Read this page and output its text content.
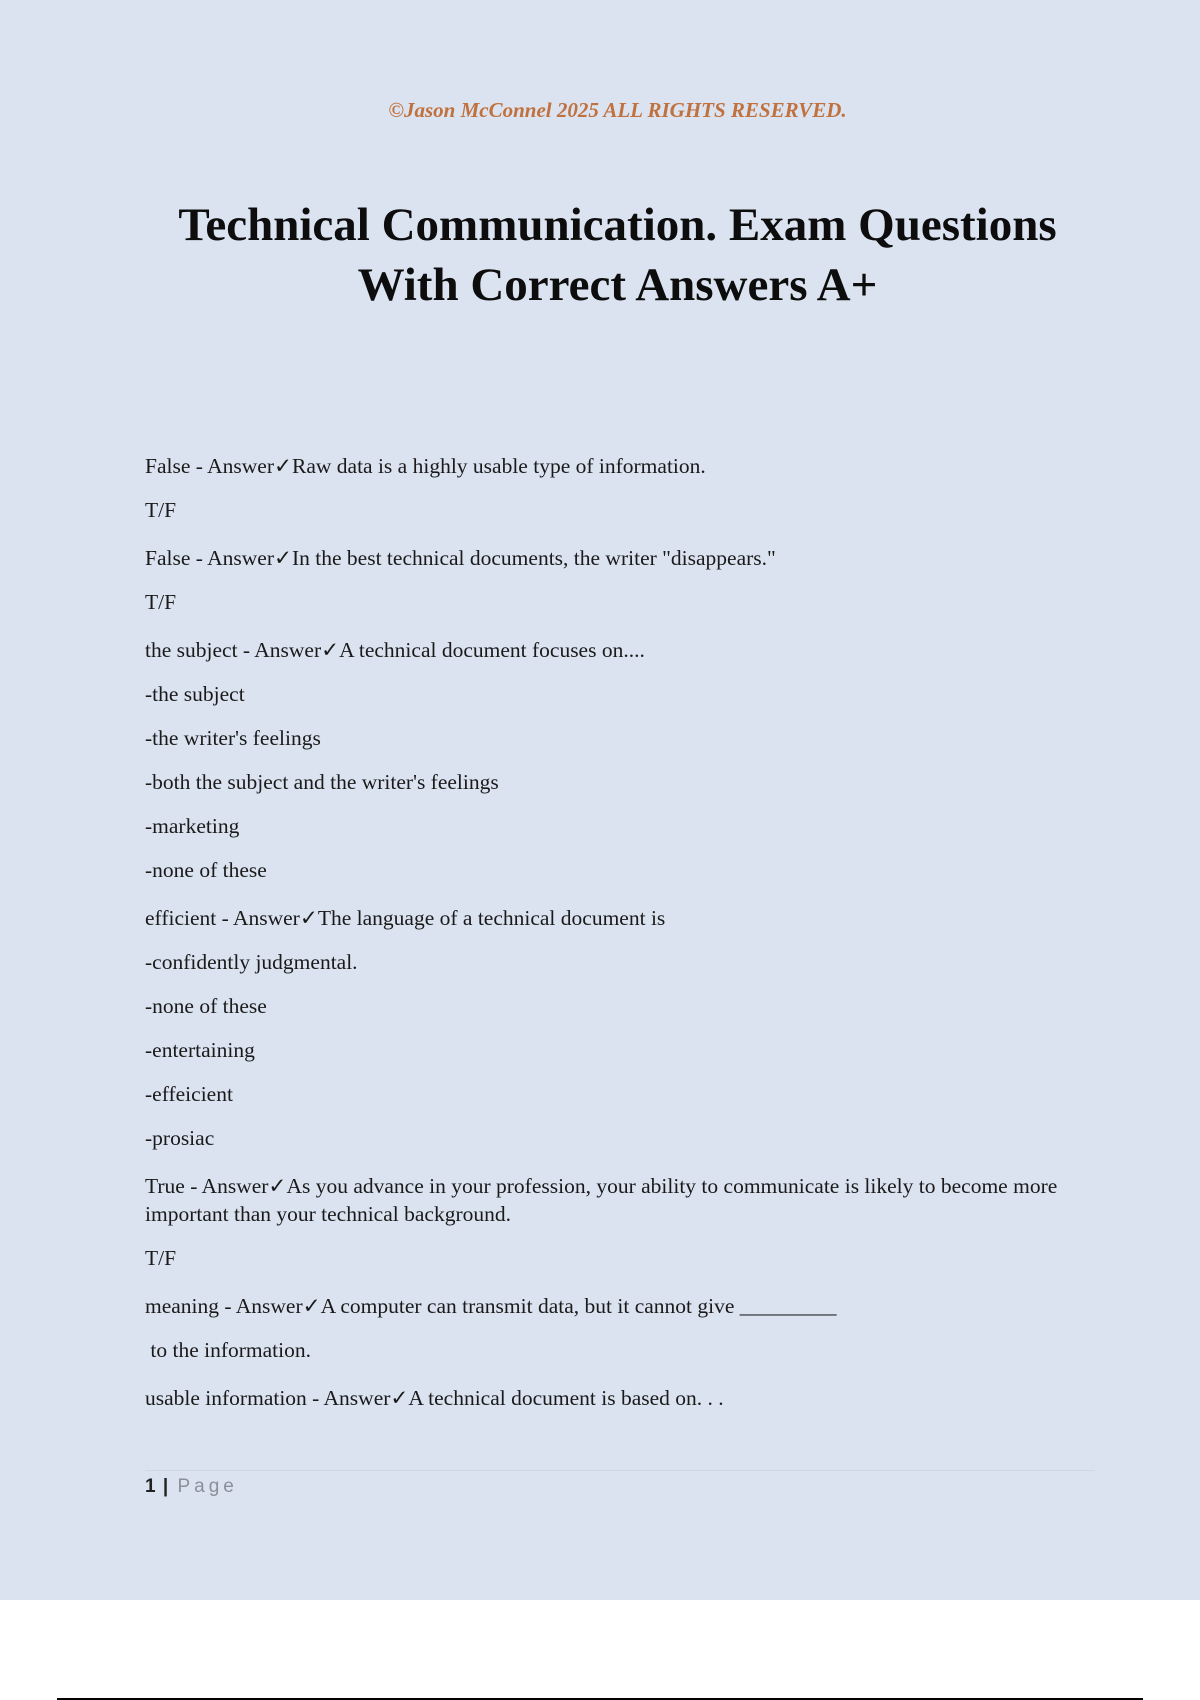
©Jason McConnel 2025 ALL RIGHTS RESERVED.

Technical Communication. Exam Questions
With Correct Answers A+

False - Answer✓Raw data is a highly usable type of information.

T/F

False - Answer✓In the best technical documents, the writer "disappears."

T/F

the subject - Answer✓A technical document focuses on....

-the subject

-the writer's feelings

-both the subject and the writer's feelings

-marketing

-none of these

efficient - Answer✓The language of a technical document is

-confidently judgmental.

-none of these

-entertaining

-effeicient

-prosiac

True - Answer✓As you advance in your profession, your ability to communicate is likely to become more important than your technical background.

T/F

meaning - Answer✓A computer can transmit data, but it cannot give _________

to the information.

usable information - Answer✓A technical document is based on. . .

1 | Page
